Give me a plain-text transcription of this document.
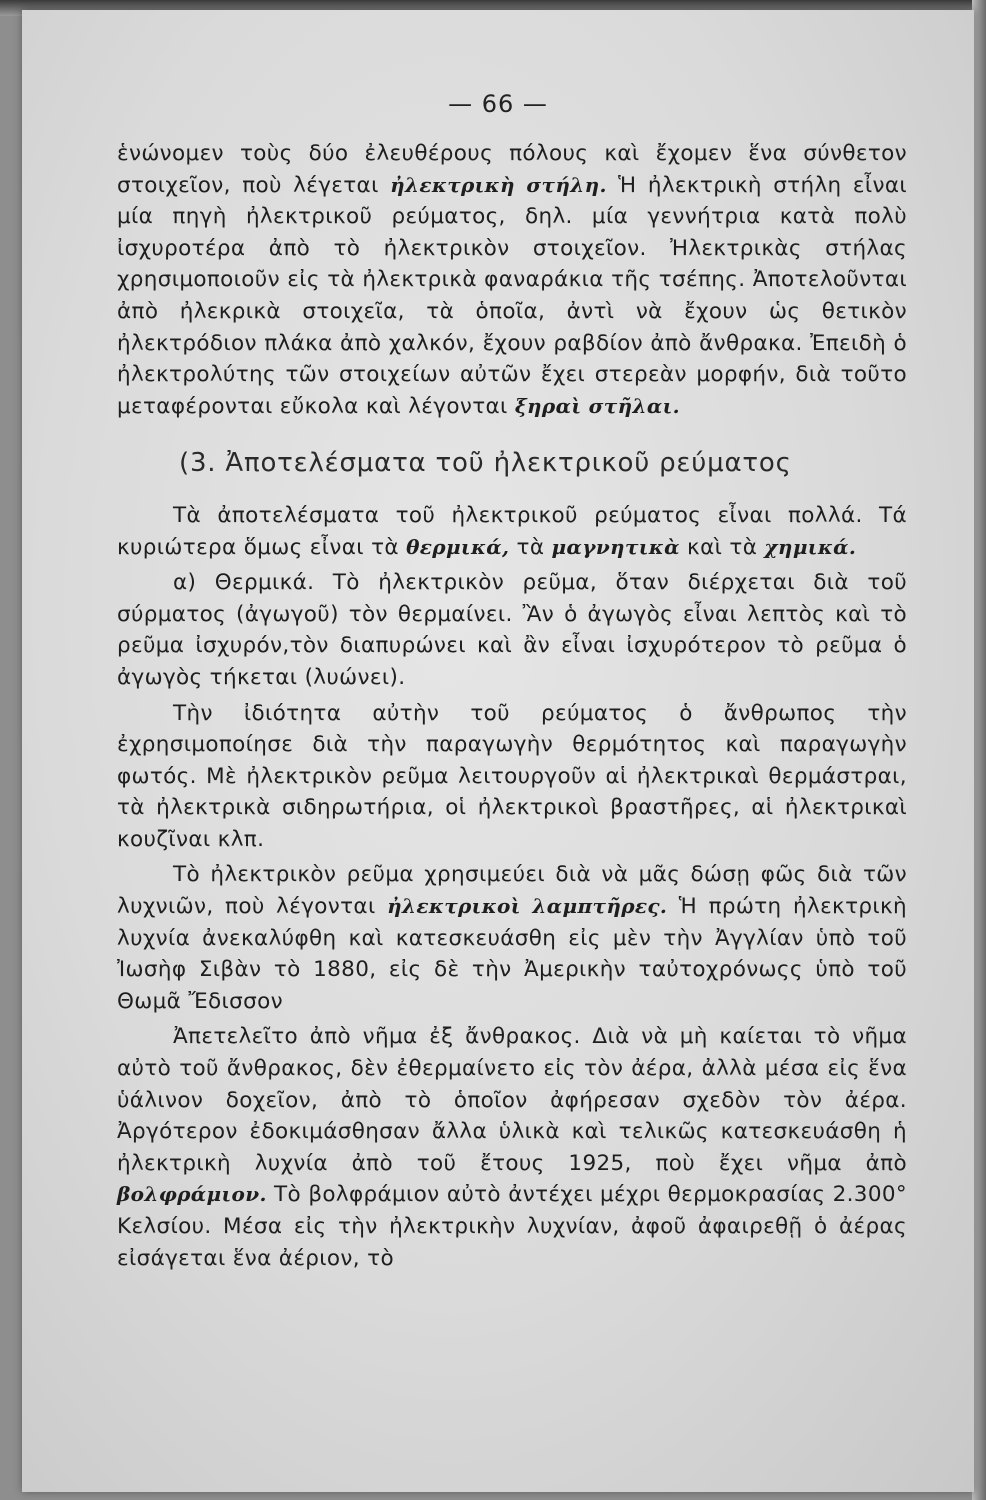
— 66 —

ἑνώνομεν τοὺς δύο ἐλευθέρους πόλους καὶ ἔχομεν ἕνα σύνθετον στοιχεῖον, ποὺ λέγεται ἠλεκτρικὴ στήλη. Ἡ ἠλεκτρικὴ στήλη εἶναι μία πηγὴ ἠλεκτρικοῦ ρεύματος, δηλ. μία γεννήτρια κατὰ πολὺ ἰσχυροτέρα ἀπὸ τὸ ἠλεκτρικὸν στοιχεῖον. Ἠλεκτρικὰς στήλας χρησιμοποιοῦν εἰς τὰ ἠλεκτρικὰ φαναράκια τῆς τσέπης. Ἀποτελοῦνται ἀπὸ ἠλεκρικὰ στοιχεῖα, τὰ ὁποῖα, ἀντὶ νὰ ἔχουν ὡς θετικὸν ἠλεκτρόδιον πλάκα ἀπὸ χαλκόν, ἔχουν ραβδίον ἀπὸ ἄνθρακα. Ἐπειδὴ ὁ ἠλεκτρολύτης τῶν στοιχείων αὐτῶν ἔχει στερεὰν μορφήν, διὰ τοῦτο μεταφέρονται εὔκολα καὶ λέγονται ξηραὶ στῆλαι.

(3. Ἀποτελέσματα τοῦ ἠλεκτρικοῦ ρεύματος

Τὰ ἀποτελέσματα τοῦ ἠλεκτρικοῦ ρεύματος εἶναι πολλά. Τά κυριώτερα ὅμως εἶναι τὰ θερμικά, τὰ μαγνητικὰ καὶ τὰ χημικά.

α) Θερμικά. Τὸ ἠλεκτρικὸν ρεῦμα, ὅταν διέρχεται διὰ τοῦ σύρματος (ἀγωγοῦ) τὸν θερμαίνει. Ἂν ὁ ἀγωγὸς εἶναι λεπτὸς καὶ τὸ ρεῦμα ἰσχυρόν,τὸν διαπυρώνει καὶ ἂν εἶναι ἰσχυρότερον τὸ ρεῦμα ὁ ἀγωγὸς τήκεται (λυώνει).

Τὴν ἰδιότητα αὐτὴν τοῦ ρεύματος ὁ ἄνθρωπος τὴν ἐχρησιμοποίησε διὰ τὴν παραγωγὴν θερμότητος καὶ παραγωγὴν φωτός. Μὲ ἠλεκτρικὸν ρεῦμα λειτουργοῦν αἱ ἠλεκτρικαὶ θερμάστραι, τὰ ἠλεκτρικὰ σιδηρωτήρια, οἱ ἠλεκτρικοὶ βραστῆρες, αἱ ἠλεκτρικαὶ κουζῖναι κλπ.

Τὸ ἠλεκτρικὸν ρεῦμα χρησιμεύει διὰ νὰ μᾶς δώσῃ φῶς διὰ τῶν λυχνιῶν, ποὺ λέγονται ἠλεκτρικοὶ λαμπτῆρες. Ἡ πρώτη ἠλεκτρικὴ λυχνία ἀνεκαλύφθη καὶ κατεσκευάσθη εἰς μὲν τὴν Ἀγγλίαν ὑπὸ τοῦ Ἰωσὴφ Σιβὰν τὸ 1880, εἰς δὲ τὴν Ἀμερικὴν ταὐτοχρόνωςς ὑπὸ τοῦ Θωμᾶ Ἔδισσον

Ἀπετελεῖτο ἀπὸ νῆμα ἐξ ἄνθρακος. Διὰ νὰ μὴ καίεται τὸ νῆμα αὐτὸ τοῦ ἄνθρακος, δὲν ἐθερμαίνετο εἰς τὸν ἀέρα, ἀλλὰ μέσα εἰς ἕνα ὑάλινον δοχεῖον, ἀπὸ τὸ ὁποῖον ἀφήρεσαν σχεδὸν τὸν ἀέρα. Ἀργότερον ἐδοκιμάσθησαν ἄλλα ὑλικὰ καὶ τελικῶς κατεσκευάσθη ἡ ἠλεκτρικὴ λυχνία ἀπὸ τοῦ ἔτους 1925, ποὺ ἔχει νῆμα ἀπὸ βολφράμιον. Τὸ βολφράμιον αὐτὸ ἀντέχει μέχρι θερμοκρασίας 2.300° Κελσίου. Μέσα εἰς τὴν ἠλεκτρικὴν λυχνίαν, ἀφοῦ ἀφαιρεθῇ ὁ ἀέρας εἰσάγεται ἕνα ἀέριον, τὸ
